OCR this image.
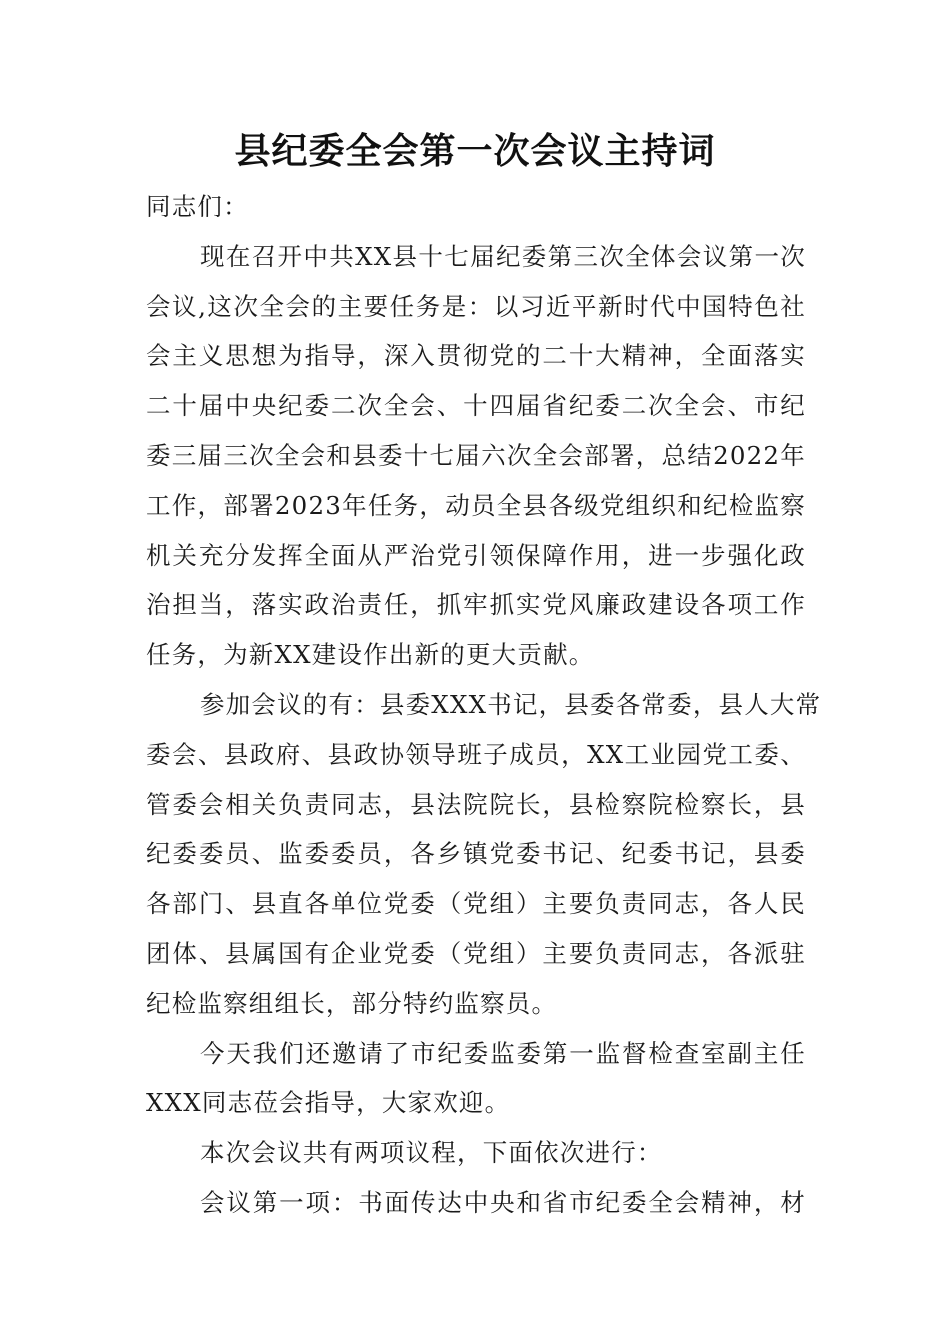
县纪委全会第一次会议主持词
同志们：
现在召开中共XX县十七届纪委第三次全体会议第一次
会议,这次全会的主要任务是：以习近平新时代中国特色社
会主义思想为指导，深入贯彻党的二十大精神，全面落实
二十届中央纪委二次全会、十四届省纪委二次全会、市纪
委三届三次全会和县委十七届六次全会部署，总结2022年
工作，部署2023年任务，动员全县各级党组织和纪检监察
机关充分发挥全面从严治党引领保障作用，进一步强化政
治担当，落实政治责任，抓牢抓实党风廉政建设各项工作
任务，为新XX建设作出新的更大贡献。
参加会议的有：县委XXX书记，县委各常委，县人大常
委会、县政府、县政协领导班子成员，XX工业园党工委、
管委会相关负责同志，县法院院长，县检察院检察长，县
纪委委员、监委委员，各乡镇党委书记、纪委书记，县委
各部门、县直各单位党委（党组）主要负责同志，各人民
团体、县属国有企业党委（党组）主要负责同志，各派驻
纪检监察组组长，部分特约监察员。
今天我们还邀请了市纪委监委第一监督检查室副主任
XXX同志莅会指导，大家欢迎。
本次会议共有两项议程，下面依次进行：
会议第一项：书面传达中央和省市纪委全会精神，材
